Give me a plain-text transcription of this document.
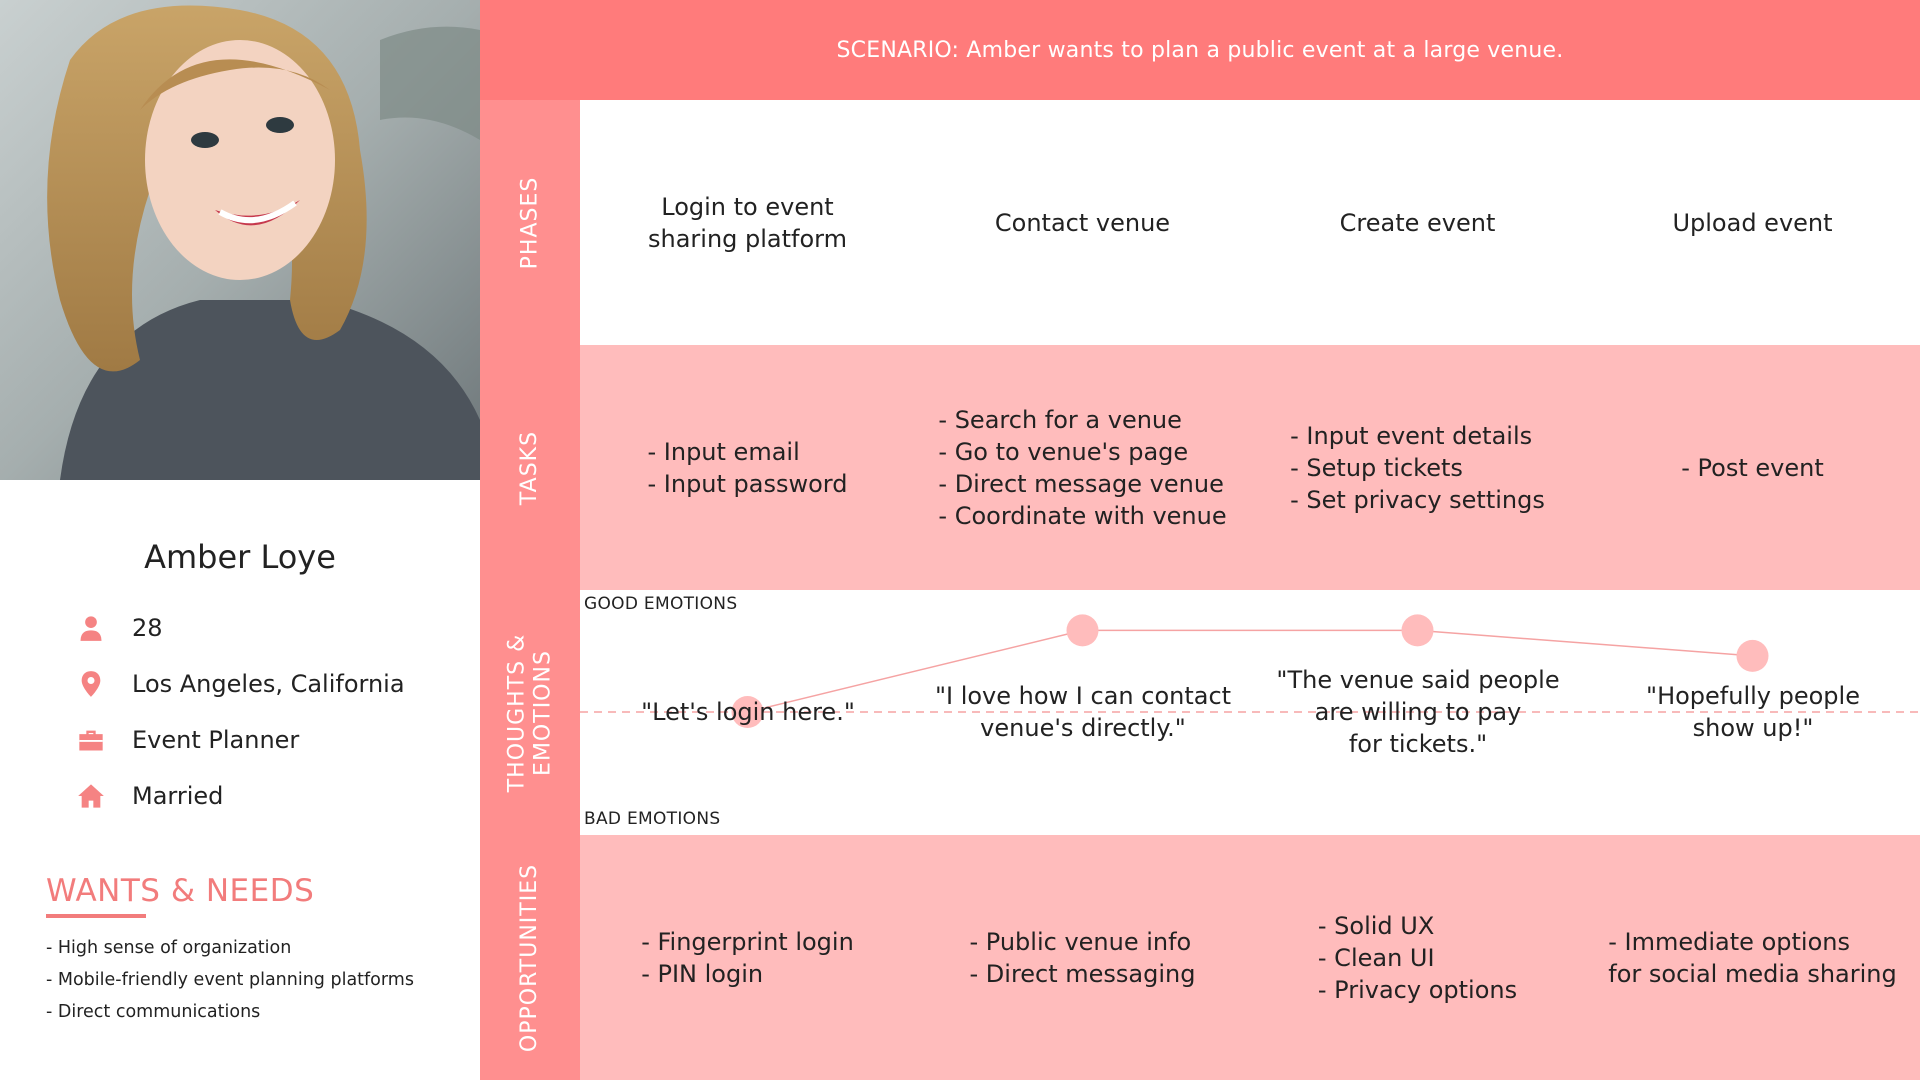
Amber Loye
28
Los Angeles, California
Event Planner
Married
WANTS & NEEDS
- High sense of organization
- Mobile-friendly event planning platforms
- Direct communications
SCENARIO: Amber wants to plan a public event at a large venue.
PHASES
TASKS
THOUGHTS & EMOTIONS
OPPORTUNITIES
Login to event
sharing platform
Contact venue	Create event	Upload event
- Input email
- Input password
- Search for a venue
- Go to venue's page
- Direct message venue
- Coordinate with venue
- Input event details
- Setup tickets
- Set privacy settings
- Post event
GOOD EMOTIONS
BAD EMOTIONS
"Let's login here."
"I love how I can contact
venue's directly."
"The venue said people
are willing to pay
for tickets."
"Hopefully people
show up!"
- Fingerprint login
- PIN login
- Public venue info
- Direct messaging
- Solid UX
- Clean UI
- Privacy options
- Immediate options
for social media sharing
